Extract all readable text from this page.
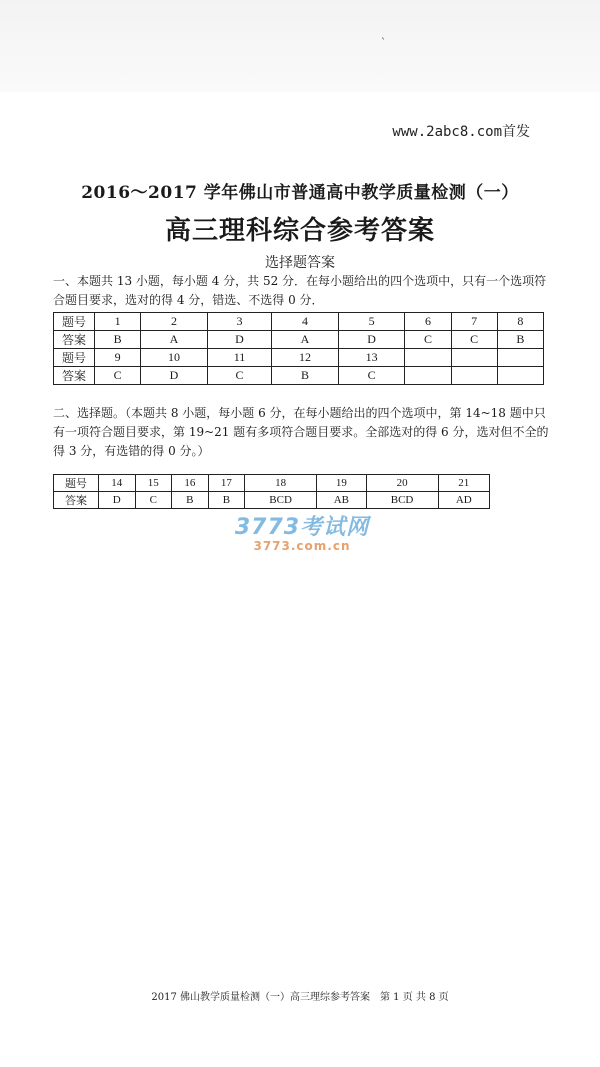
ˋ
www.2abc8.com首发
2016～2017 学年佛山市普通高中教学质量检测（一）
高三理科综合参考答案
选择题答案
一、本题共 13 小题，每小题 4 分，共 52 分．在每小题给出的四个选项中，只有一个选项符合题目要求，选对的得 4 分，错选、不选得 0 分．
题号	1	2	3	4	5	6	7	8
答案	B	A	D	A	D	C	C	B
题号	9	10	11	12	13			
答案	C	D	C	B	C			
二、选择题。（本题共 8 小题，每小题 6 分，在每小题给出的四个选项中，第 14~18 题中只有一项符合题目要求，第 19~21 题有多项符合题目要求。全部选对的得 6 分，选对但不全的得 3 分，有选错的得 0 分。）
题号	14	15	16	17	18	19	20	21
答案	D	C	B	B	BCD	AB	BCD	AD
3773考试网
3773.com.cn
2017 佛山教学质量检测（一）高三理综参考答案　第 1 页 共 8 页
